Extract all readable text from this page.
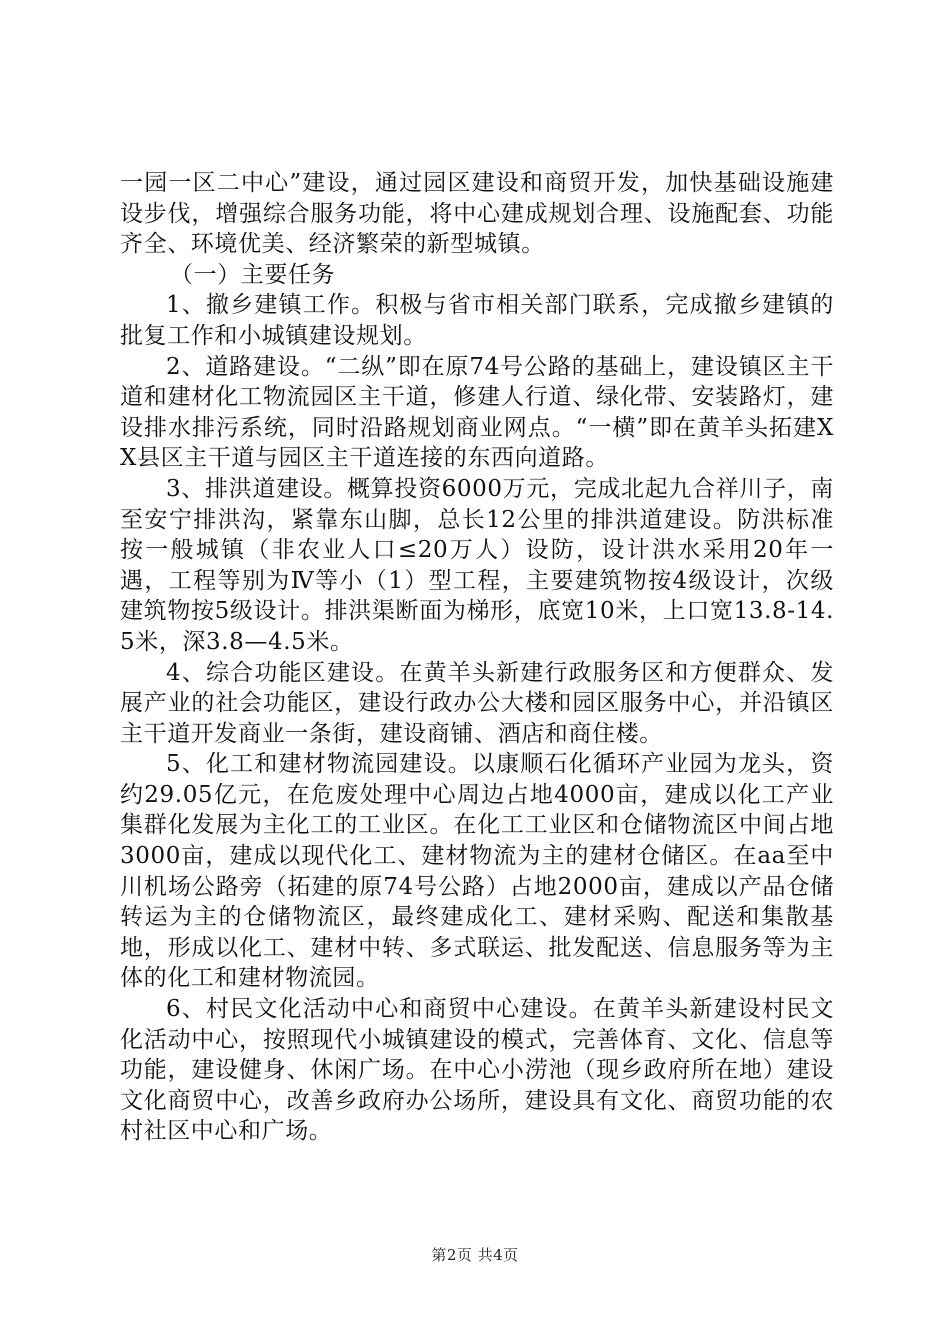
一园一区二中心”建设，通过园区建设和商贸开发，加快基础设施建设步伐，增强综合服务功能，将中心建成规划合理、设施配套、功能齐全、环境优美、经济繁荣的新型城镇。

（一）主要任务

1、撤乡建镇工作。积极与省市相关部门联系，完成撤乡建镇的批复工作和小城镇建设规划。

2、道路建设。“二纵”即在原74号公路的基础上，建设镇区主干道和建材化工物流园区主干道，修建人行道、绿化带、安装路灯，建设排水排污系统，同时沿路规划商业网点。“一横”即在黄羊头拓建XX县区主干道与园区主干道连接的东西向道路。

3、排洪道建设。概算投资6000万元，完成北起九合祥川子，南至安宁排洪沟，紧靠东山脚，总长12公里的排洪道建设。防洪标准按一般城镇（非农业人口≤20万人）设防，设计洪水采用20年一遇，工程等别为Ⅳ等小（1）型工程，主要建筑物按4级设计，次级建筑物按5级设计。排洪渠断面为梯形，底宽10米，上口宽13.8-14.5米，深3.8—4.5米。

4、综合功能区建设。在黄羊头新建行政服务区和方便群众、发展产业的社会功能区，建设行政办公大楼和园区服务中心，并沿镇区主干道开发商业一条街，建设商铺、酒店和商住楼。

5、化工和建材物流园建设。以康顺石化循环产业园为龙头，资约29.05亿元，在危废处理中心周边占地4000亩，建成以化工产业集群化发展为主化工的工业区。在化工工业区和仓储物流区中间占地3000亩，建成以现代化工、建材物流为主的建材仓储区。在aa至中川机场公路旁（拓建的原74号公路）占地2000亩，建成以产品仓储转运为主的仓储物流区，最终建成化工、建材采购、配送和集散基地，形成以化工、建材中转、多式联运、批发配送、信息服务等为主体的化工和建材物流园。

6、村民文化活动中心和商贸中心建设。在黄羊头新建设村民文化活动中心，按照现代小城镇建设的模式，完善体育、文化、信息等功能，建设健身、休闲广场。在中心小涝池（现乡政府所在地）建设文化商贸中心，改善乡政府办公场所，建设具有文化、商贸功能的农村社区中心和广场。

第2页 共4页
